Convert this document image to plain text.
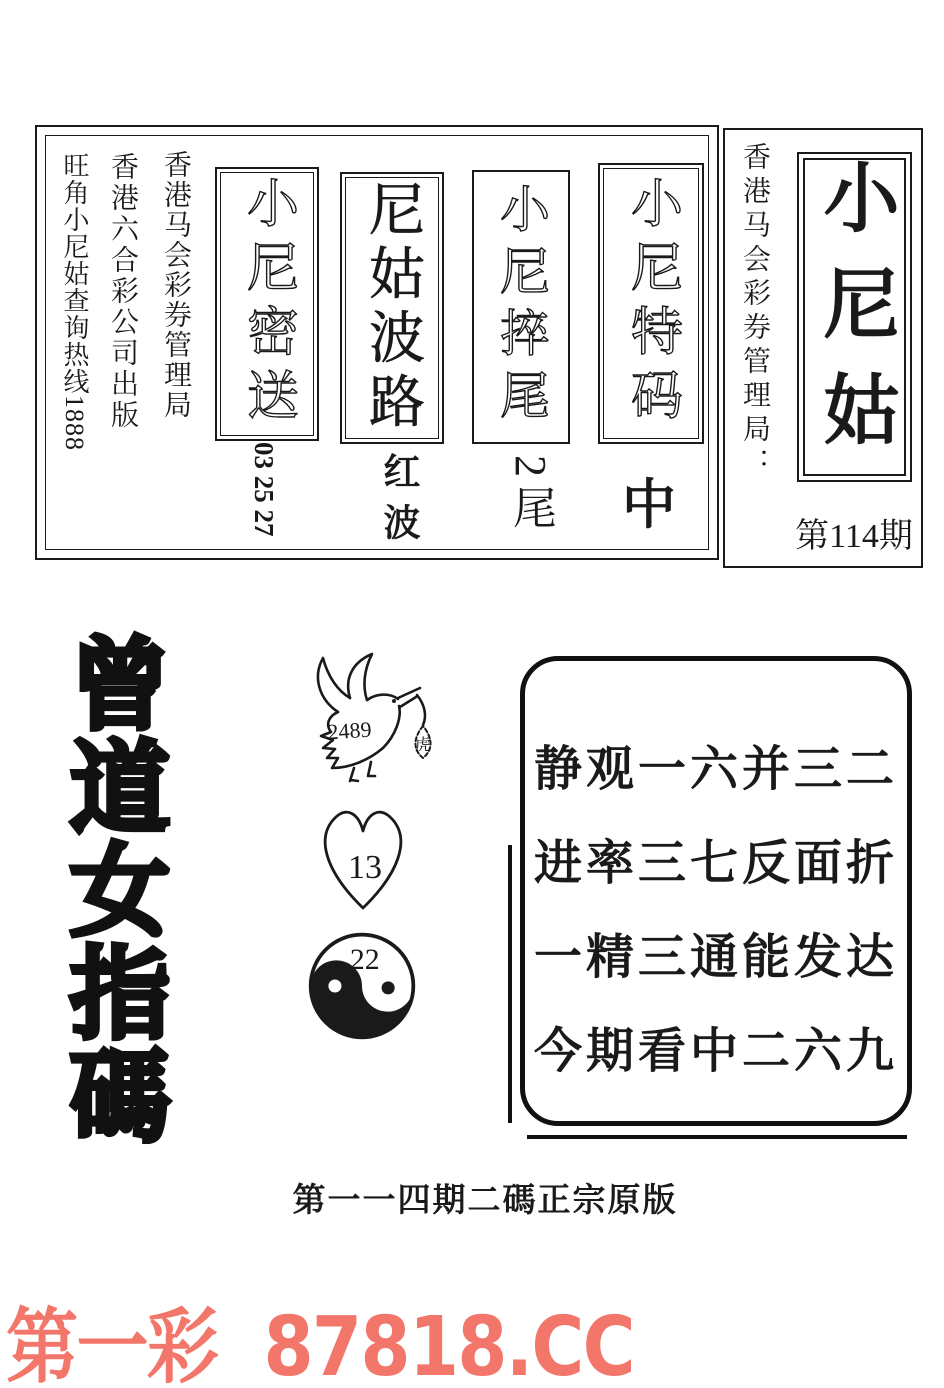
旺角小尼姑查询热线1888 香港六合彩公司出版 香港马会彩券管理局 小尼密送
03 25 27
尼姑波路
红波
小尼捽尾
2尾
小尼特码
中
香港马会彩券管理局： 小尼姑
第114期
曾道女指碼	2489
虎
13
22
静观一六并三二
进率三七反面折
一精三通能发达
今期看中二六九
第一一四期二碼正宗原版
第一彩 87818.CC
